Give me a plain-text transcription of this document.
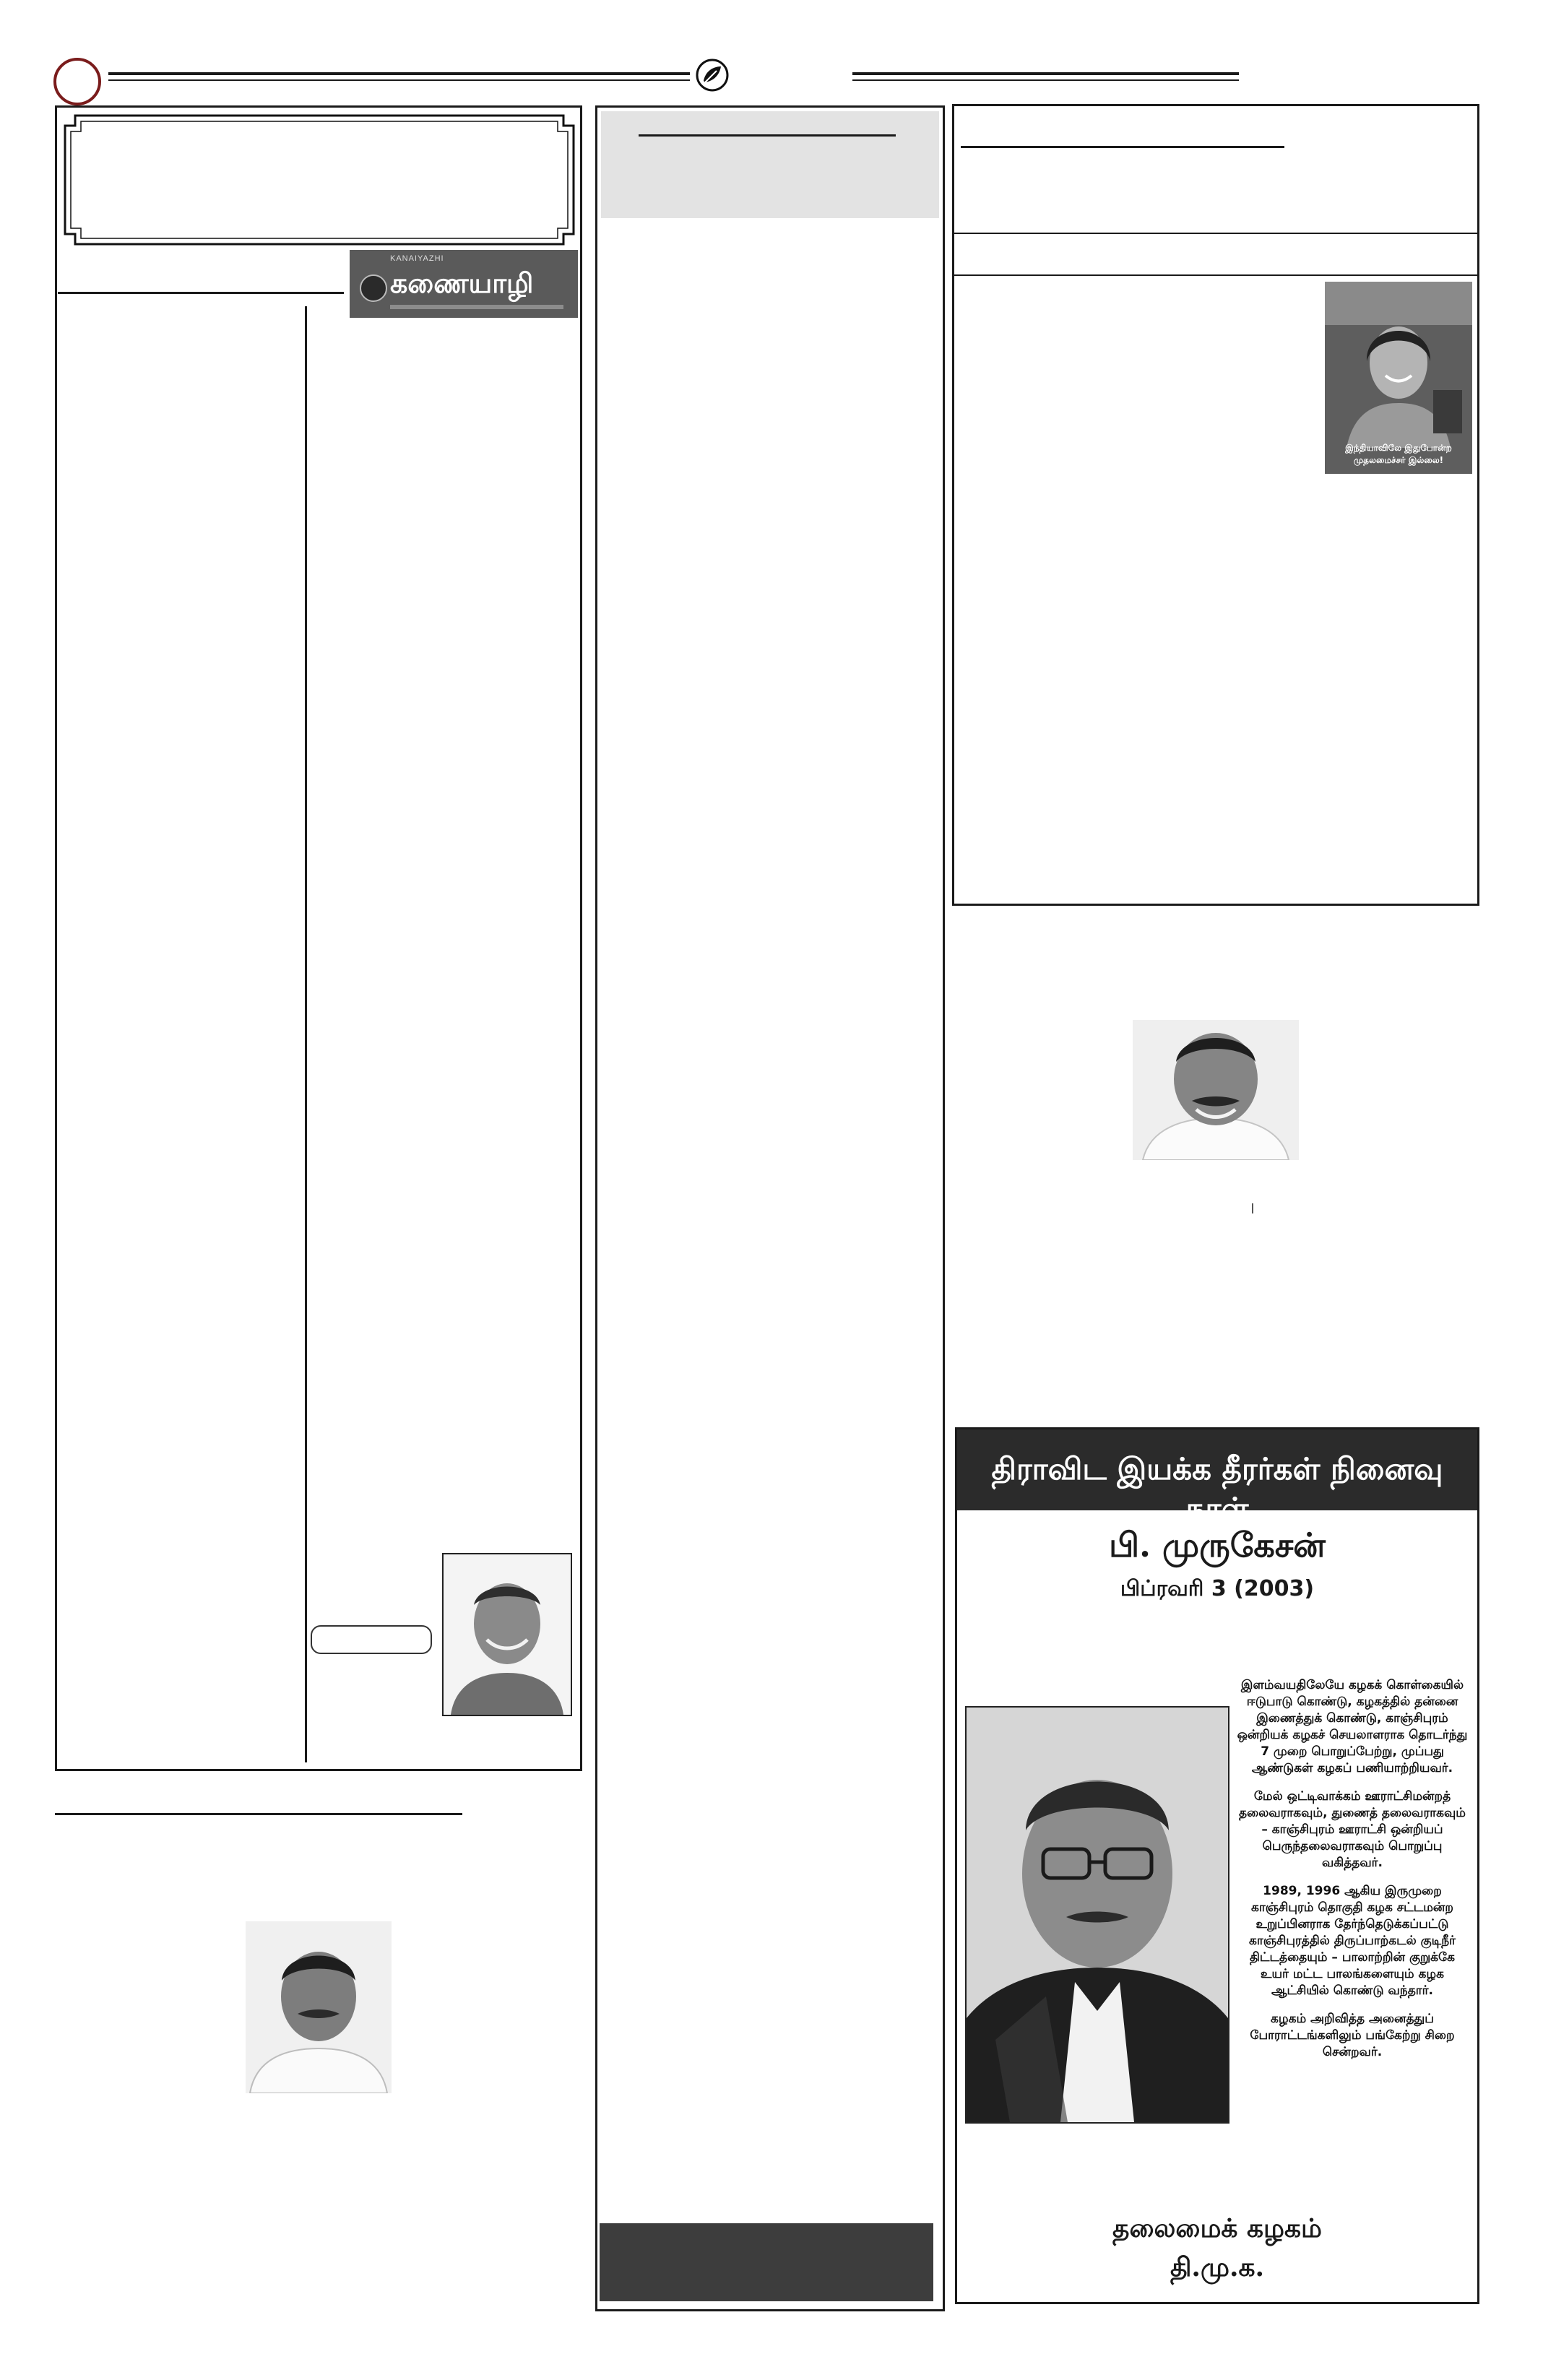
KANAIYAZHI
கணையாழி
இந்தியாவிலே இதுபோன்ற முதலமைச்சர் இல்லை!
திராவிட இயக்க தீரர்கள் நினைவு நாள்
பி. முருகேசன்
பிப்ரவரி 3 (2003)

இளம்வயதிலேயே கழகக் கொள்கையில் ஈடுபாடு கொண்டு, கழகத்தில் தன்னை இணைத்துக் கொண்டு, காஞ்சிபுரம் ஒன்றியக் கழகச் செயலாளராக தொடர்ந்து 7 முறை பொறுப்பேற்று, முப்பது ஆண்டுகள் கழகப் பணியாற்றியவர்.

மேல் ஒட்டிவாக்கம் ஊராட்சிமன்றத் தலைவராகவும், துணைத் தலைவராகவும் – காஞ்சிபுரம் ஊராட்சி ஒன்றியப் பெருந்தலைவராகவும் பொறுப்பு வகித்தவர்.

1989, 1996 ஆகிய இருமுறை காஞ்சிபுரம் தொகுதி கழக சட்டமன்ற உறுப்பினராக தேர்ந்தெடுக்கப்பட்டு காஞ்சிபுரத்தில் திருப்பாற்கடல் குடிநீர் திட்டத்தையும் – பாலாற்றின் குறுக்கே உயர் மட்ட பாலங்களையும் கழக ஆட்சியில் கொண்டு வந்தார்.

கழகம் அறிவித்த அனைத்துப் போராட்டங்களிலும் பங்கேற்று சிறை சென்றவர்.

தலைமைக் கழகம்
தி.மு.க.
